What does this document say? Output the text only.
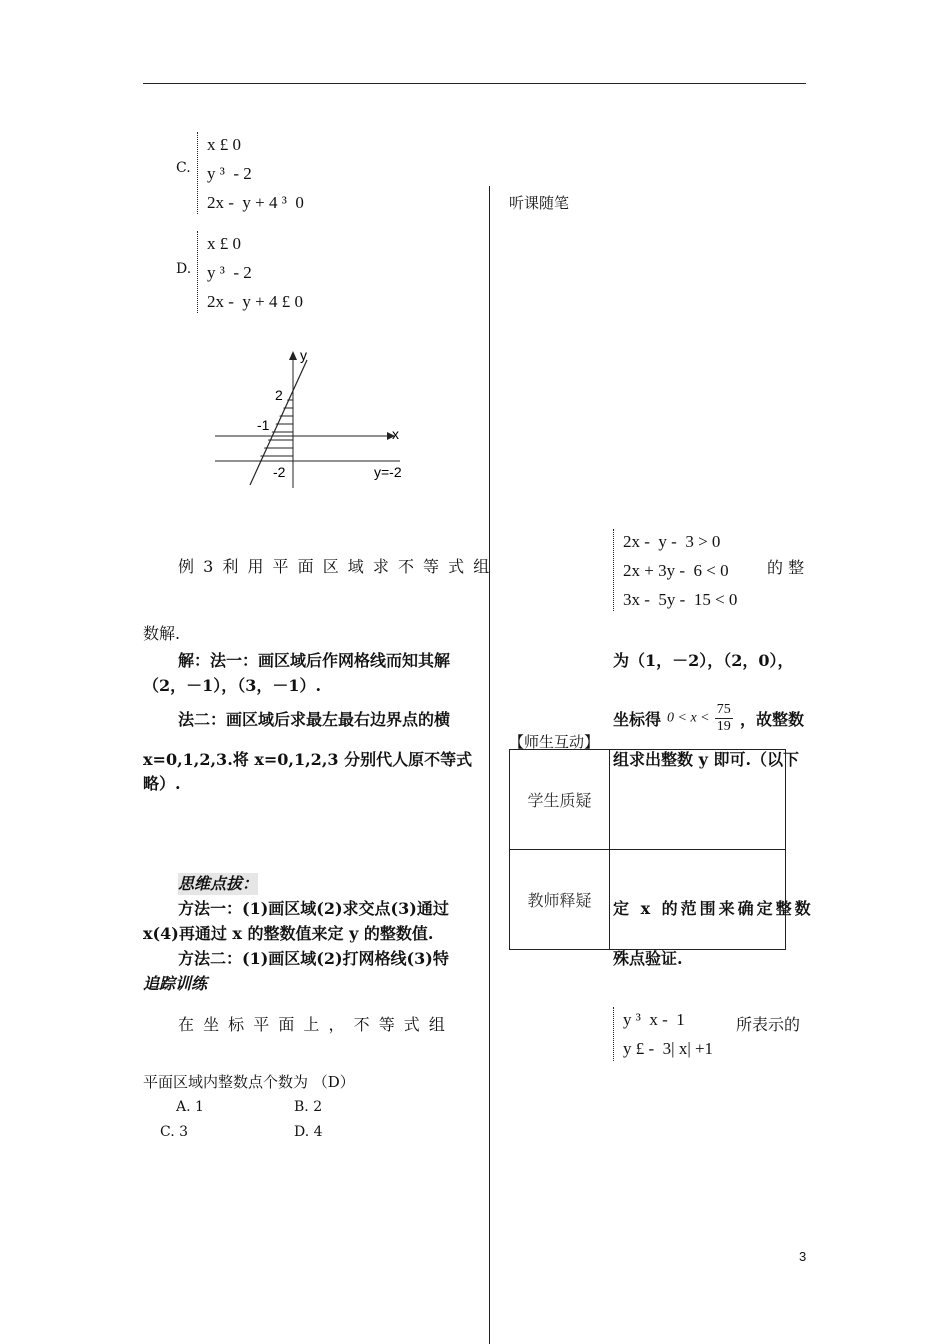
C.
x £ 0
y ³  - 2
2x -  y + 4 ³  0
D.
x £ 0
y ³  - 2
2x -  y + 4 £ 0
y
x
2
-1
-2	y=-2
例 3 利 用 平 面 区 域 求 不 等 式 组
数解.
解：法一：画区域后作网格线而知其解
（2，－1），（3，－1）.
法二：画区域后求最左最右边界点的横
x=0,1,2,3.将 x=0,1,2,3 分别代人原不等式
略）.
思维点拔：
方法一：(1)画区域(2)求交点(3)通过
x(4)再通过 x 的整数值来定 y 的整数值.
方法二：(1)画区域(2)打网格线(3)特
追踪训练
在 坐 标 平 面 上 ， 不 等 式 组
平面区域内整数点个数为 （D）
A. 1	B. 2
C. 3	D. 4
听课随笔
2x -  y -  3 > 0
2x + 3y -  6 < 0
3x -  5y -  15 < 0
的 整
为（1，－2），（2，0），
坐标得 $0 < x < \frac{75}{19}$ ，故整数
【师生互动】
学生质疑	
教师释疑	
组求出整数 y 即可.（以下
定 x 的范围来确定整数
殊点验证.
y ³  x -  1
y £ -  3| x| +1
所表示的
3
